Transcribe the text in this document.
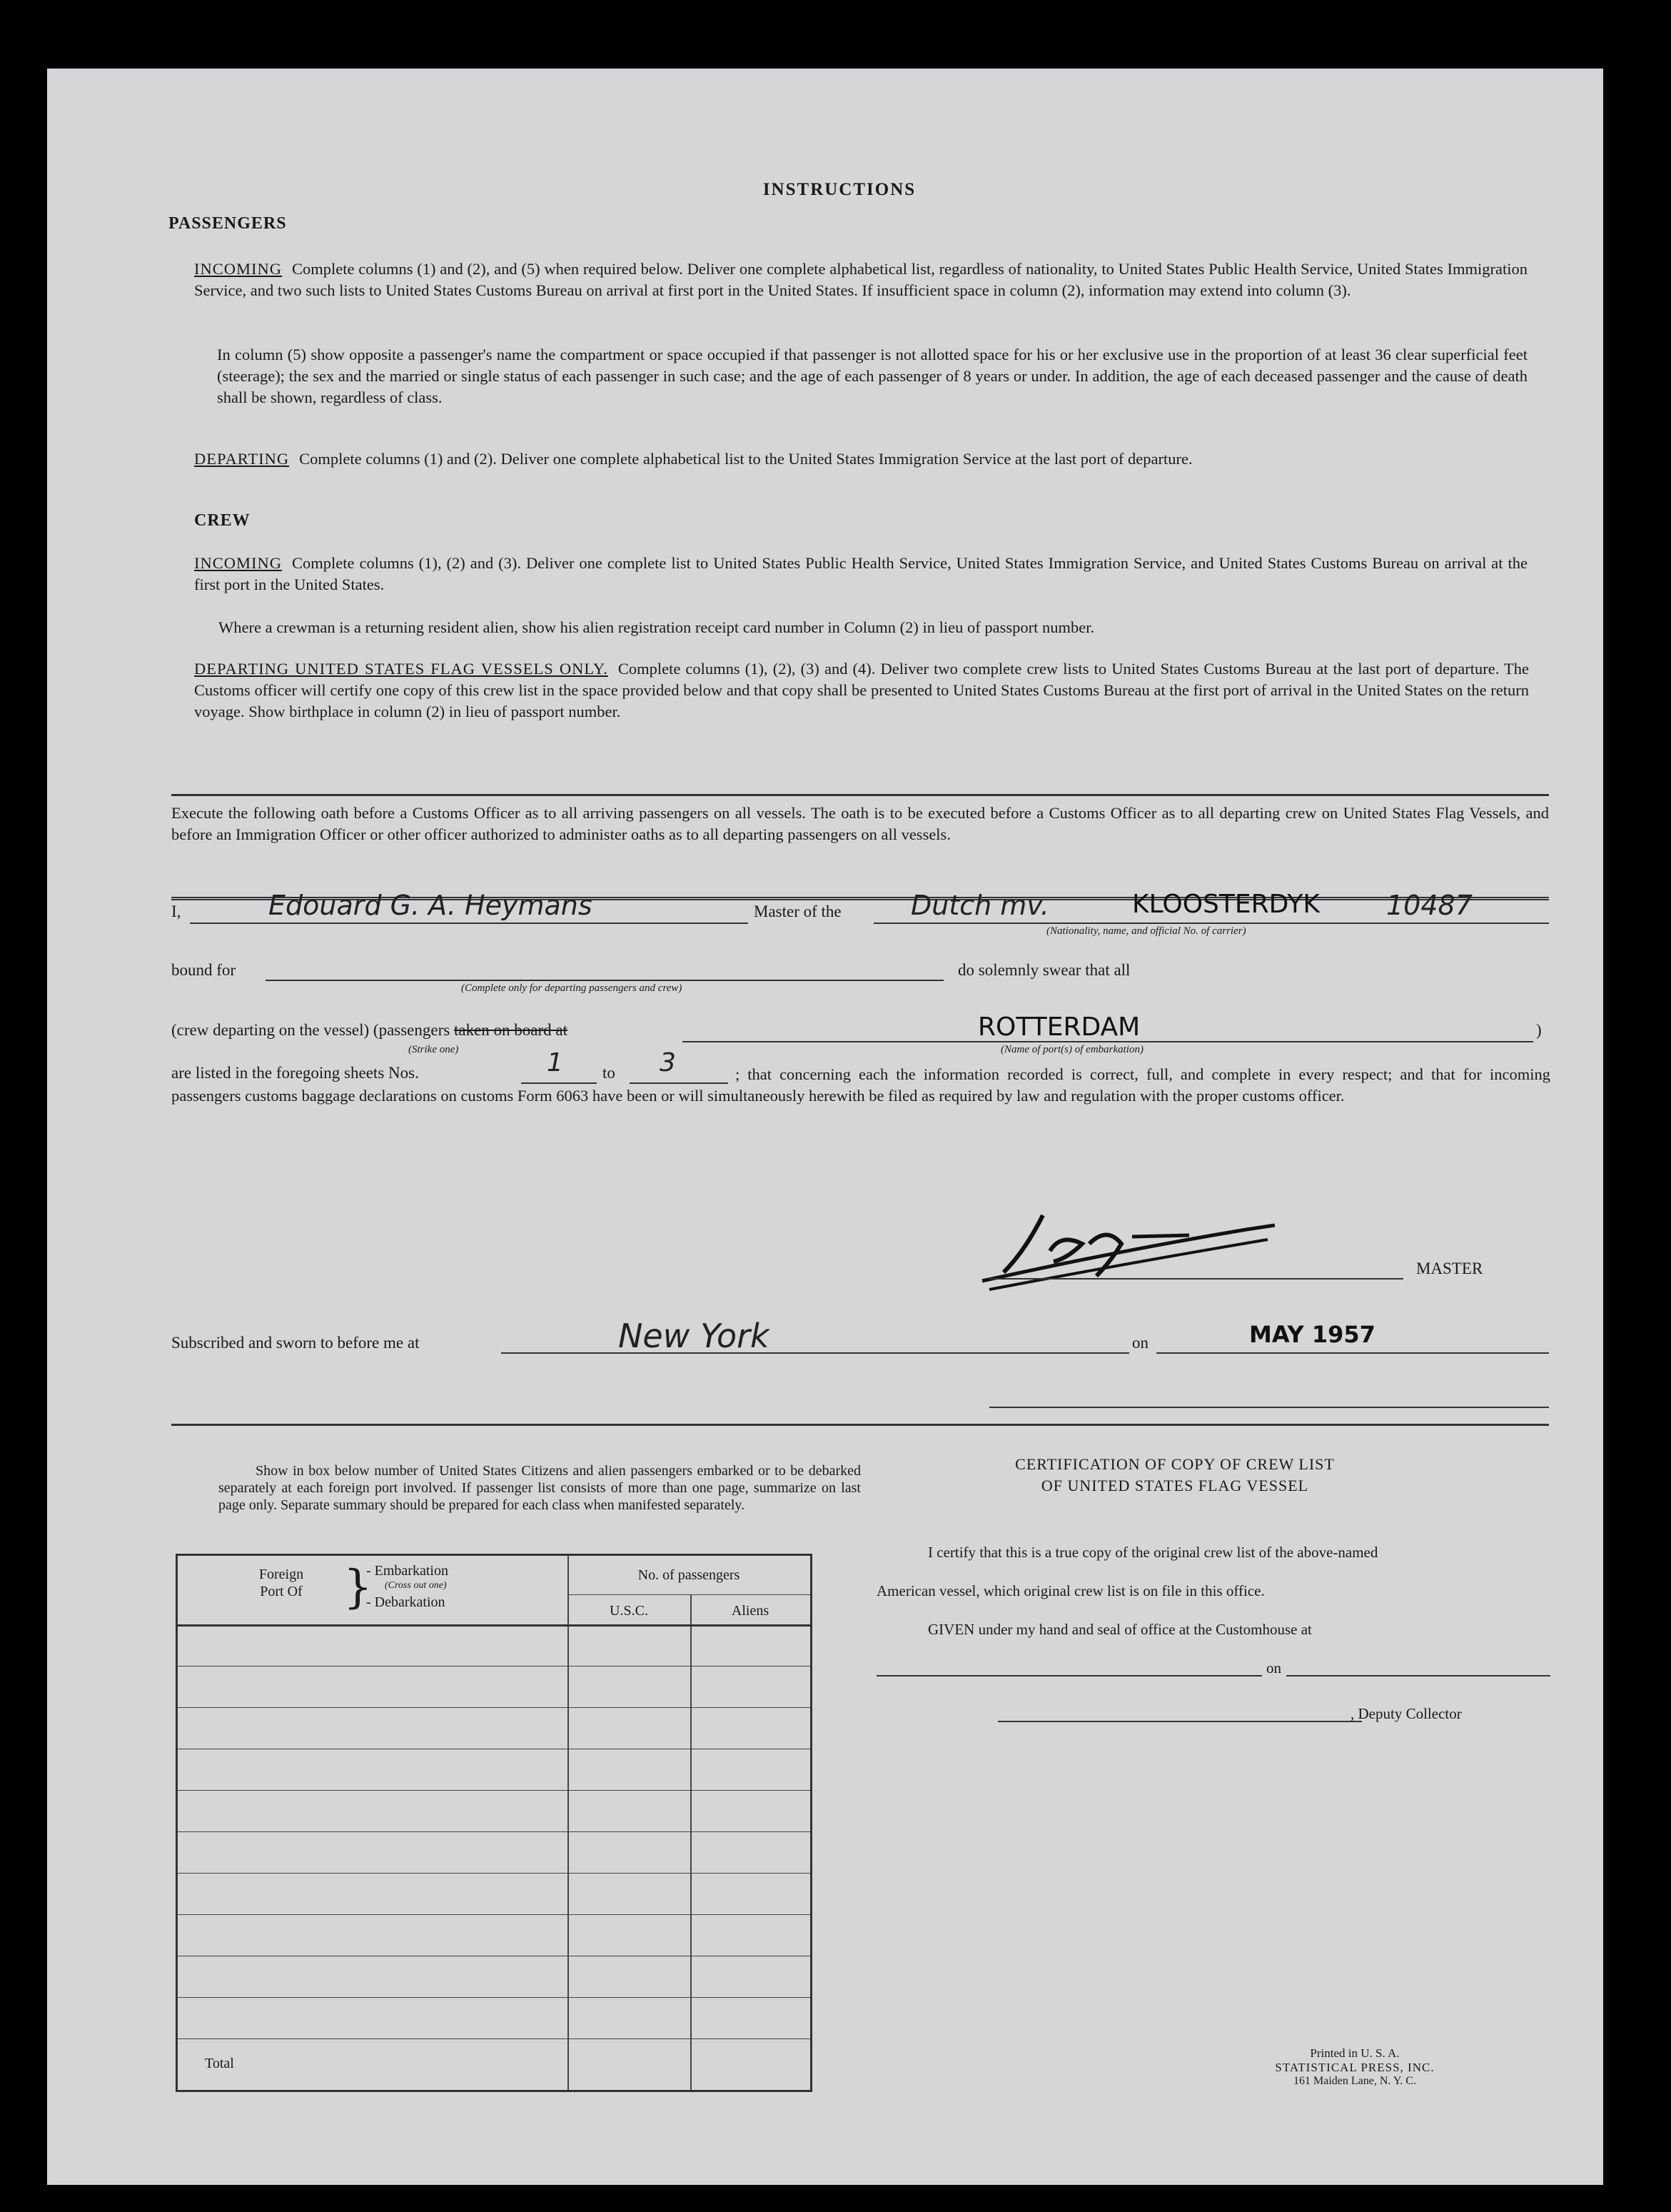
INSTRUCTIONS
PASSENGERS
INCOMING Complete columns (1) and (2), and (5) when required below. Deliver one complete alphabetical list, regardless of nationality, to United States Public Health Service, United States Immigration Service, and two such lists to United States Customs Bureau on arrival at first port in the United States. If insufficient space in column (2), information may extend into column (3).
In column (5) show opposite a passenger's name the compartment or space occupied if that passenger is not allotted space for his or her exclusive use in the proportion of at least 36 clear superficial feet (steerage); the sex and the married or single status of each passenger in such case; and the age of each passenger of 8 years or under. In addition, the age of each deceased passenger and the cause of death shall be shown, regardless of class.
DEPARTING Complete columns (1) and (2). Deliver one complete alphabetical list to the United States Immigration Service at the last port of departure.
CREW
INCOMING Complete columns (1), (2) and (3). Deliver one complete list to United States Public Health Service, United States Immigration Service, and United States Customs Bureau on arrival at the first port in the United States.
Where a crewman is a returning resident alien, show his alien registration receipt card number in Column (2) in lieu of passport number.
DEPARTING UNITED STATES FLAG VESSELS ONLY. Complete columns (1), (2), (3) and (4). Deliver two complete crew lists to United States Customs Bureau at the last port of departure. The Customs officer will certify one copy of this crew list in the space provided below and that copy shall be presented to United States Customs Bureau at the first port of arrival in the United States on the return voyage. Show birthplace in column (2) in lieu of passport number.
Execute the following oath before a Customs Officer as to all arriving passengers on all vessels. The oath is to be executed before a Customs Officer as to all departing crew on United States Flag Vessels, and before an Immigration Officer or other officer authorized to administer oaths as to all departing passengers on all vessels.
I,	Edouard G. A. Heymans	Master of the	Dutch mv.	KLOOSTERDYK 10487
(Nationality, name, and official No. of carrier)
bound for
(Complete only for departing passengers and crew)
do solemnly swear that all
(crew departing on the vessel) (passengers taken on board at
(Strike one)
ROTTERDAM	)
(Name of port(s) of embarkation)
are listed in the foregoing sheets Nos.	1 to 3	; that concerning each the information recorded is correct, full, and complete in every respect; and that for incoming passengers customs baggage declarations on customs Form 6063 have been or will simultaneously herewith be filed as required by law and regulation with the proper customs officer.
MASTER
Subscribed and sworn to before me at	New York	on	MAY 1957
Show in box below number of United States Citizens and alien passengers embarked or to be debarked separately at each foreign port involved. If passenger list consists of more than one page, summarize on last page only. Separate summary should be prepared for each class when manifested separately.
Foreign Port Of }
- Embarkation
(Cross out one)
- Debarkation
No. of passengers
U.S.C.	Aliens
Total
CERTIFICATION OF COPY OF CREW LIST
OF UNITED STATES FLAG VESSEL
I certify that this is a true copy of the original crew list of the above-named
American vessel, which original crew list is on file in this office.
GIVEN under my hand and seal of office at the Customhouse at
on
, Deputy Collector
Printed in U. S. A.
STATISTICAL PRESS, INC.
161 Maiden Lane, N. Y. C.
